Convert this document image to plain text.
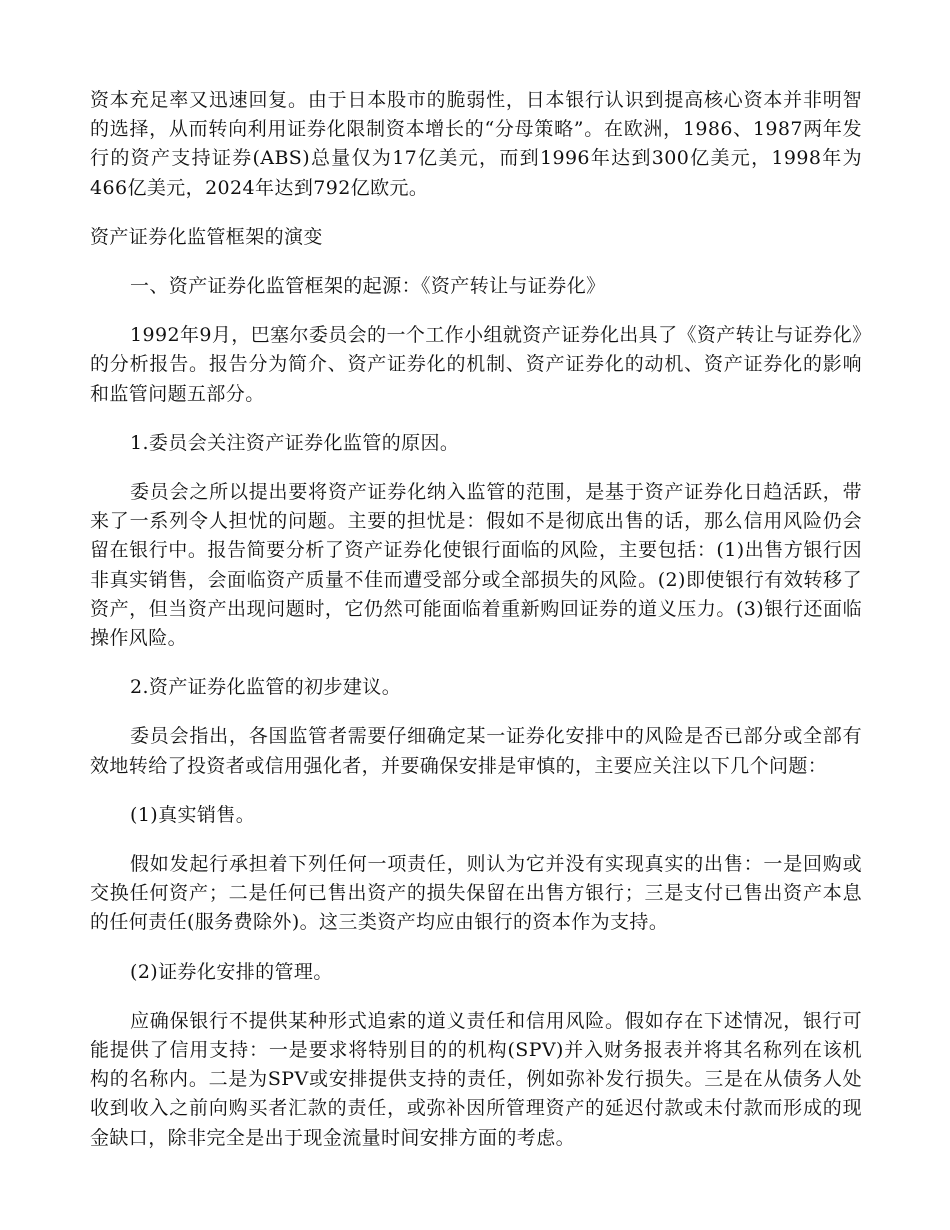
资本充足率又迅速回复。由于日本股市的脆弱性，日本银行认识到提高核心资本并非明智的选择，从而转向利用证券化限制资本增长的“分母策略”。在欧洲，1986、1987两年发行的资产支持证券(ABS)总量仅为17亿美元，而到1996年达到300亿美元，1998年为466亿美元，2024年达到792亿欧元。

资产证券化监管框架的演变

一、资产证券化监管框架的起源：《资产转让与证券化》

1992年9月，巴塞尔委员会的一个工作小组就资产证券化出具了《资产转让与证券化》的分析报告。报告分为简介、资产证券化的机制、资产证券化的动机、资产证券化的影响和监管问题五部分。

1.委员会关注资产证券化监管的原因。

委员会之所以提出要将资产证券化纳入监管的范围，是基于资产证券化日趋活跃，带来了一系列令人担忧的问题。主要的担忧是：假如不是彻底出售的话，那么信用风险仍会留在银行中。报告简要分析了资产证券化使银行面临的风险，主要包括：(1)出售方银行因非真实销售，会面临资产质量不佳而遭受部分或全部损失的风险。(2)即使银行有效转移了资产，但当资产出现问题时，它仍然可能面临着重新购回证券的道义压力。(3)银行还面临操作风险。

2.资产证券化监管的初步建议。

委员会指出，各国监管者需要仔细确定某一证券化安排中的风险是否已部分或全部有效地转给了投资者或信用强化者，并要确保安排是审慎的，主要应关注以下几个问题：

(1)真实销售。

假如发起行承担着下列任何一项责任，则认为它并没有实现真实的出售：一是回购或交换任何资产；二是任何已售出资产的损失保留在出售方银行；三是支付已售出资产本息的任何责任(服务费除外)。这三类资产均应由银行的资本作为支持。

(2)证券化安排的管理。

应确保银行不提供某种形式追索的道义责任和信用风险。假如存在下述情况，银行可能提供了信用支持：一是要求将特别目的的机构(SPV)并入财务报表并将其名称列在该机构的名称内。二是为SPV或安排提供支持的责任，例如弥补发行损失。三是在从债务人处收到收入之前向购买者汇款的责任，或弥补因所管理资产的延迟付款或未付款而形成的现金缺口，除非完全是出于现金流量时间安排方面的考虑。
